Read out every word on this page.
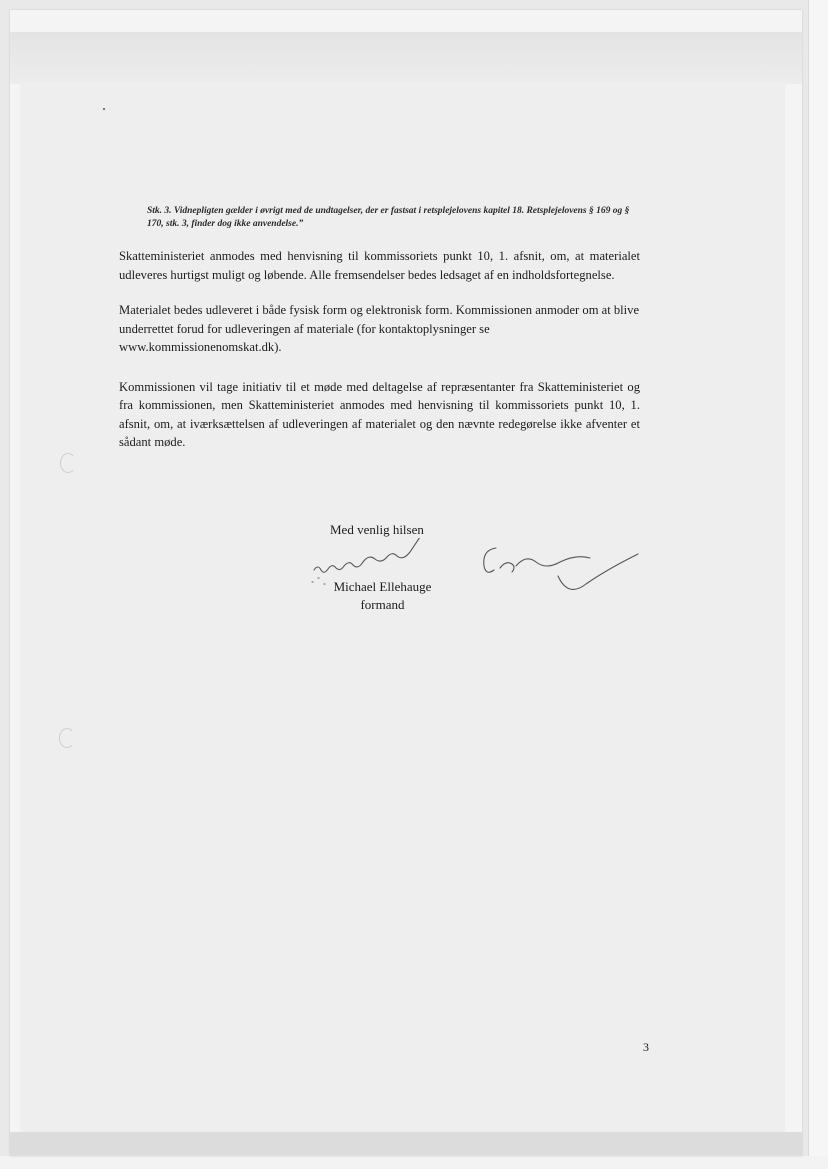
Stk. 3. Vidnepligten gælder i øvrigt med de undtagelser, der er fastsat i retsplejelovens kapitel 18. Retsplejelovens § 169 og § 170, stk. 3, finder dog ikke anvendelse.”

Skatteministeriet anmodes med henvisning til kommissoriets punkt 10, 1. afsnit, om, at materialet udleveres hurtigst muligt og løbende. Alle fremsendelser bedes ledsaget af en indholdsfortegnelse.

Materialet bedes udleveret i både fysisk form og elektronisk form. Kommissionen anmoder om at blive underrettet forud for udleveringen af materiale (for kontaktoplysninger se www.kommissionenomskat.dk).

Kommissionen vil tage initiativ til et møde med deltagelse af repræsentanter fra Skatteministeriet og fra kommissionen, men Skatteministeriet anmodes med henvisning til kommissoriets punkt 10, 1. afsnit, om, at iværksættelsen af udleveringen af materialet og den nævnte redegørelse ikke afventer et sådant møde.

Med venlig hilsen
Michael Ellehauge
formand
3
